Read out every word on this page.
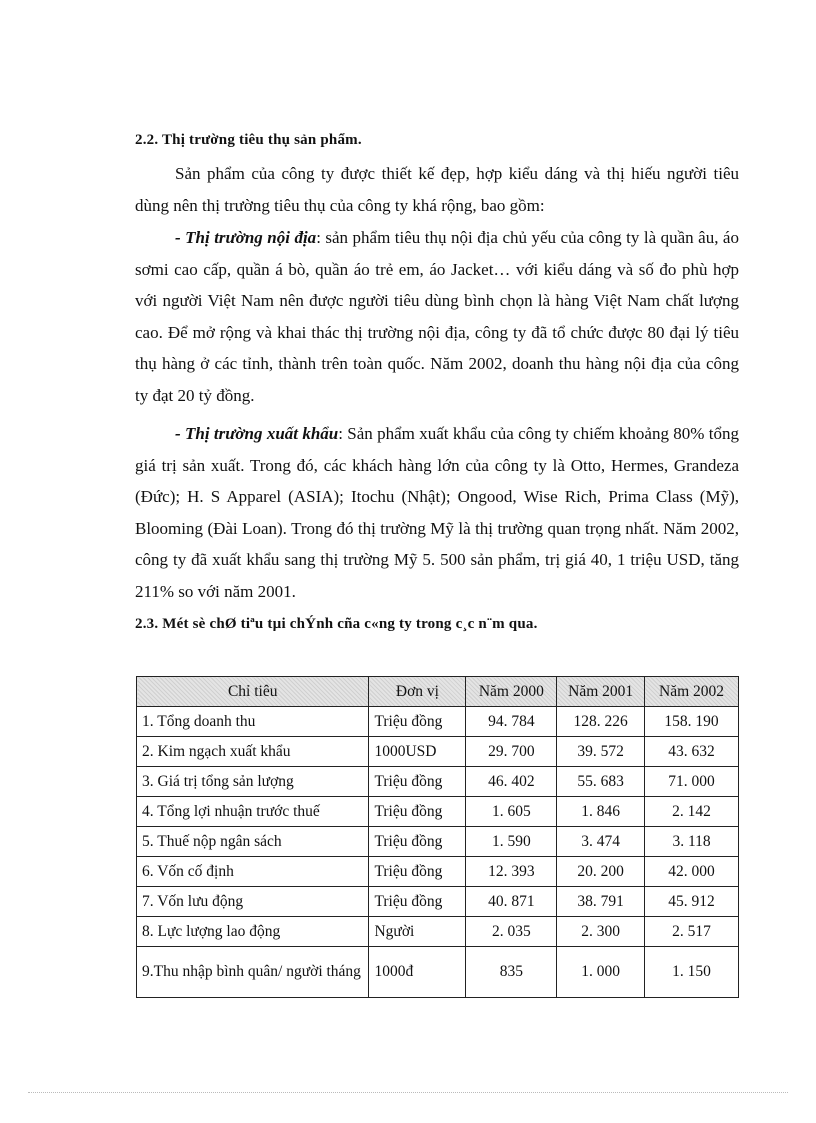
2.2. Thị trường tiêu thụ sản phẩm.

Sản phẩm của công ty được thiết kế đẹp, hợp kiểu dáng và thị hiếu người tiêu dùng nên thị trường tiêu thụ của công ty khá rộng, bao gồm:

- Thị trường nội địa: sản phẩm tiêu thụ nội địa chủ yếu của công ty là quần âu, áo sơmi cao cấp, quần á bò, quần áo trẻ em, áo Jacket… với kiểu dáng và số đo phù hợp với người Việt Nam nên được người tiêu dùng bình chọn là hàng Việt Nam chất lượng cao. Để mở rộng và khai thác thị trường nội địa, công ty đã tổ chức được 80 đại lý tiêu thụ hàng ở các tỉnh, thành trên toàn quốc. Năm 2002, doanh thu hàng nội địa của công ty đạt 20 tỷ đồng.

- Thị trường xuất khẩu: Sản phẩm xuất khẩu của công ty chiếm khoảng 80% tổng giá trị sản xuất. Trong đó, các khách hàng lớn của công ty là Otto, Hermes, Grandeza (Đức); H. S Apparel (ASIA); Itochu (Nhật); Ongood, Wise Rich, Prima Class (Mỹ), Blooming (Đài Loan). Trong đó thị trường Mỹ là thị trường quan trọng nhất. Năm 2002, công ty đã xuất khẩu sang thị trường Mỹ 5. 500 sản phẩm, trị giá 40, 1 triệu USD, tăng 211% so với năm 2001.

2.3. Mét sè chØ tiªu tµi chÝnh cña c«ng ty trong c¸c n¨m qua.
Chỉ tiêu	Đơn vị	Năm 2000	Năm 2001	Năm 2002
1. Tổng doanh thu	Triệu đồng	94. 784	128. 226	158. 190
2. Kim ngạch xuất khẩu	1000USD	29. 700	39. 572	43. 632
3. Giá trị tổng sản lượng	Triệu đồng	46. 402	55. 683	71. 000
4. Tổng lợi nhuận trước thuế	Triệu đồng	1. 605	1. 846	2. 142
5. Thuế nộp ngân sách	Triệu đồng	1. 590	3. 474	3. 118
6. Vốn cố định	Triệu đồng	12. 393	20. 200	42. 000
7. Vốn lưu động	Triệu đồng	40. 871	38. 791	45. 912
8. Lực lượng lao động	Người	2. 035	2. 300	2. 517
9.Thu nhập bình quân/ người tháng	1000đ	835	1. 000	1. 150
